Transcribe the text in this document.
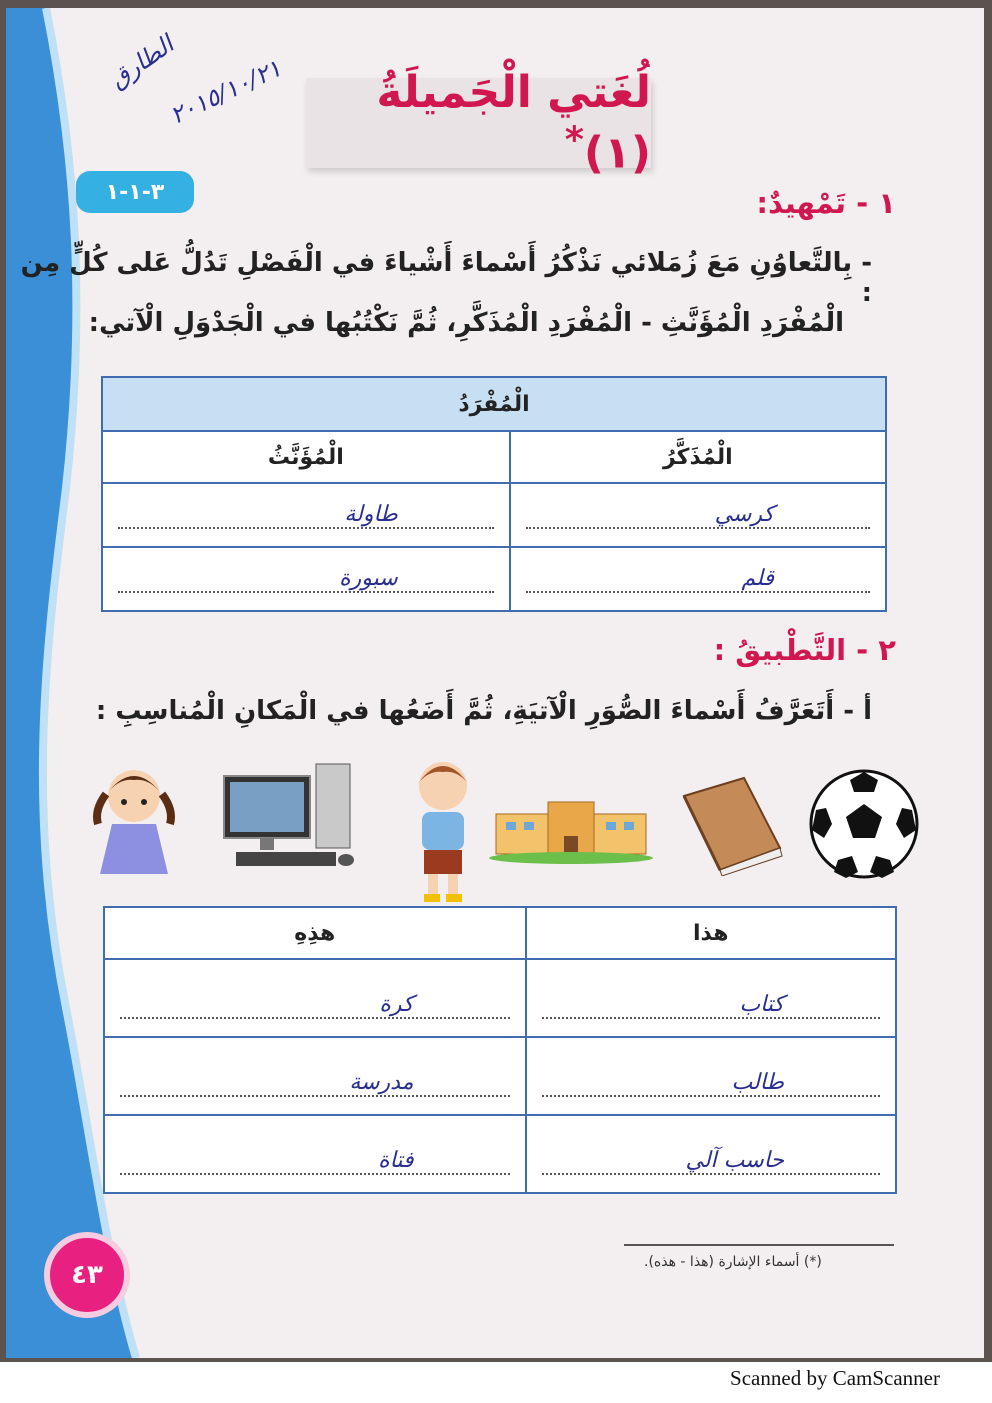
الطارق
٢٠١٥/١٠/٢١	لُغَتي الْجَميلَةُ (١)*
٣-١-١	١ - تَمْهيدٌ:
- بِالتَّعاوُنِ مَعَ زُمَلائي نَذْكُرُ أَسْماءَ أَشْياءَ في الْفَصْلِ تَدُلُّ عَلى كُلٍّ مِن :
الْمُفْرَدِ الْمُؤَنَّثِ - الْمُفْرَدِ الْمُذَكَّرِ، ثُمَّ نَكْتُبُها في الْجَدْوَلِ الْآتي:
الْمُفْرَدُ	
الْمُذَكَّرُ	الْمُؤَنَّثُ

كرسي	طاولة

قلم	سبورة
٢ - التَّطْبيقُ :
أ - أَتَعَرَّفُ أَسْماءَ الصُّوَرِ الْآتيَةِ، ثُمَّ أَضَعُها في الْمَكانِ الْمُناسِبِ :
هذا	هذِهِ

كتاب	كرة

طالب	مدرسة

حاسب آلي	فتاة
(*) أسماء الإشارة (هذا - هذه).
٤٣
Scanned by CamScanner
